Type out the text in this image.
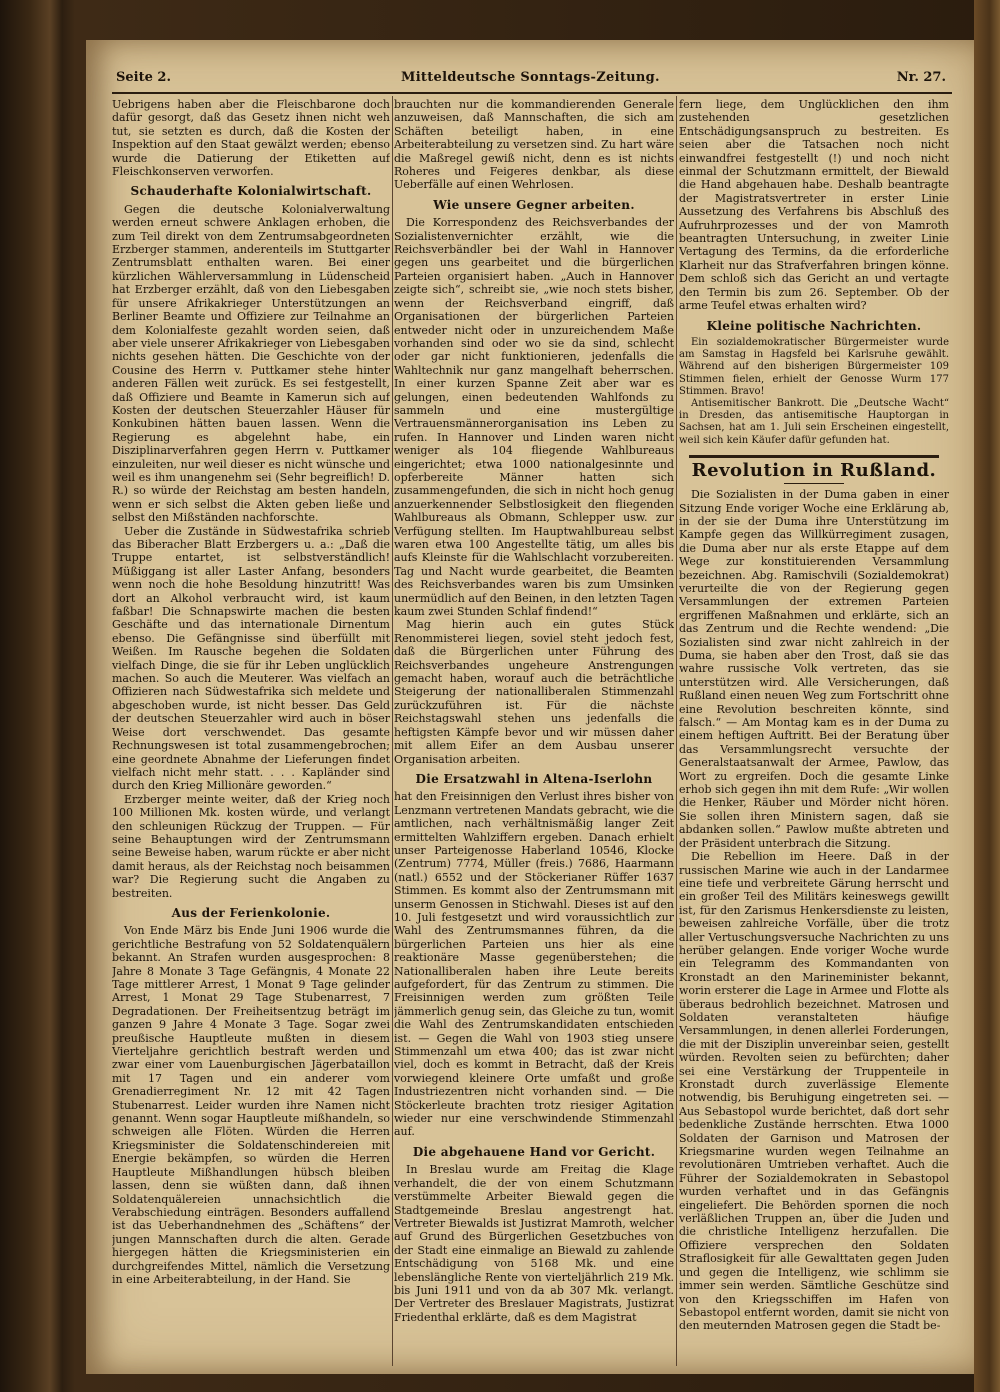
Seite 2.	Mitteldeutsche Sonntags-Zeitung.	Nr. 27.

Uebrigens haben aber die Fleischbarone doch dafür gesorgt, daß das Gesetz ihnen nicht weh tut, sie setzten es durch, daß die Kosten der Inspektion auf den Staat gewälzt werden; ebenso wurde die Datierung der Etiketten auf Fleischkonserven verworfen.

Schauderhafte Kolonialwirtschaft.

Gegen die deutsche Kolonialverwaltung werden erneut schwere Anklagen erhoben, die zum Teil direkt von dem Zentrumsabgeordneten Erzberger stammen, anderenteils im Stuttgarter Zentrumsblatt enthalten waren. Bei einer kürzlichen Wählerversammlung in Lüdenscheid hat Erzberger erzählt, daß von den Liebesgaben für unsere Afrikakrieger Unterstützungen an Berliner Beamte und Offiziere zur Teilnahme an dem Kolonialfeste gezahlt worden seien, daß aber viele unserer Afrikakrieger von Liebesgaben nichts gesehen hätten. Die Geschichte von der Cousine des Herrn v. Puttkamer stehe hinter anderen Fällen weit zurück. Es sei festgestellt, daß Offiziere und Beamte in Kamerun sich auf Kosten der deutschen Steuerzahler Häuser für Konkubinen hätten bauen lassen. Wenn die Regierung es abgelehnt habe, ein Disziplinarverfahren gegen Herrn v. Puttkamer einzuleiten, nur weil dieser es nicht wünsche und weil es ihm unangenehm sei (Sehr begreiflich! D. R.) so würde der Reichstag am besten handeln, wenn er sich selbst die Akten geben ließe und selbst den Mißständen nachforschte.

Ueber die Zustände in Südwestafrika schrieb das Biberacher Blatt Erzbergers u. a.: „Daß die Truppe entartet, ist selbstverständlich! Müßiggang ist aller Laster Anfang, besonders wenn noch die hohe Besoldung hinzutritt! Was dort an Alkohol verbraucht wird, ist kaum faßbar! Die Schnapswirte machen die besten Geschäfte und das internationale Dirnentum ebenso. Die Gefängnisse sind überfüllt mit Weißen. Im Rausche begehen die Soldaten vielfach Dinge, die sie für ihr Leben unglücklich machen. So auch die Meuterer. Was vielfach an Offizieren nach Südwestafrika sich meldete und abgeschoben wurde, ist nicht besser. Das Geld der deutschen Steuerzahler wird auch in böser Weise dort verschwendet. Das gesamte Rechnungswesen ist total zusammengebrochen; eine geordnete Abnahme der Lieferungen findet vielfach nicht mehr statt. . . . Kapländer sind durch den Krieg Millionäre geworden.“

Erzberger meinte weiter, daß der Krieg noch 100 Millionen Mk. kosten würde, und verlangt den schleunigen Rückzug der Truppen. — Für seine Behauptungen wird der Zentrumsmann seine Beweise haben, warum rückte er aber nicht damit heraus, als der Reichstag noch beisammen war? Die Regierung sucht die Angaben zu bestreiten.

Aus der Ferienkolonie.

Von Ende März bis Ende Juni 1906 wurde die gerichtliche Bestrafung von 52 Soldatenquälern bekannt. An Strafen wurden ausgesprochen: 8 Jahre 8 Monate 3 Tage Gefängnis, 4 Monate 22 Tage mittlerer Arrest, 1 Monat 9 Tage gelinder Arrest, 1 Monat 29 Tage Stubenarrest, 7 Degradationen. Der Freiheitsentzug beträgt im ganzen 9 Jahre 4 Monate 3 Tage. Sogar zwei preußische Hauptleute mußten in diesem Vierteljahre gerichtlich bestraft werden und zwar einer vom Lauenburgischen Jägerbataillon mit 17 Tagen und ein anderer vom Grenadierregiment Nr. 12 mit 42 Tagen Stubenarrest. Leider wurden ihre Namen nicht genannt. Wenn sogar Hauptleute mißhandeln, so schweigen alle Flöten. Würden die Herren Kriegsminister die Soldatenschindereien mit Energie bekämpfen, so würden die Herren Hauptleute Mißhandlungen hübsch bleiben lassen, denn sie wüßten dann, daß ihnen Soldatenquälereien unnachsichtlich die Verabschiedung einträgen. Besonders auffallend ist das Ueberhandnehmen des „Schäftens“ der jungen Mannschaften durch die alten. Gerade hiergegen hätten die Kriegsministerien ein durchgreifendes Mittel, nämlich die Versetzung in eine Arbeiterabteilung, in der Hand. Sie

brauchten nur die kommandierenden Generale anzuweisen, daß Mannschaften, die sich am Schäften beteiligt haben, in eine Arbeiterabteilung zu versetzen sind. Zu hart wäre die Maßregel gewiß nicht, denn es ist nichts Roheres und Feigeres denkbar, als diese Ueberfälle auf einen Wehrlosen.

Wie unsere Gegner arbeiten.

Die Korrespondenz des Reichsverbandes der Sozialistenvernichter erzählt, wie die Reichsverbändler bei der Wahl in Hannover gegen uns gearbeitet und die bürgerlichen Parteien organisiert haben. „Auch in Hannover zeigte sich“, schreibt sie, „wie noch stets bisher, wenn der Reichsverband eingriff, daß Organisationen der bürgerlichen Parteien entweder nicht oder in unzureichendem Maße vorhanden sind oder wo sie da sind, schlecht oder gar nicht funktionieren, jedenfalls die Wahltechnik nur ganz mangelhaft beherrschen. In einer kurzen Spanne Zeit aber war es gelungen, einen bedeutenden Wahlfonds zu sammeln und eine mustergültige Vertrauensmännerorganisation ins Leben zu rufen. In Hannover und Linden waren nicht weniger als 104 fliegende Wahlbureaus eingerichtet; etwa 1000 nationalgesinnte und opferbereite Männer hatten sich zusammengefunden, die sich in nicht hoch genug anzuerkennender Selbstlosigkeit den fliegenden Wahlbureaus als Obmann, Schlepper usw. zur Verfügung stellten. Im Hauptwahlbureau selbst waren etwa 100 Angestellte tätig, um alles bis aufs Kleinste für die Wahlschlacht vorzubereiten. Tag und Nacht wurde gearbeitet, die Beamten des Reichsverbandes waren bis zum Umsinken unermüdlich auf den Beinen, in den letzten Tagen kaum zwei Stunden Schlaf findend!“

Mag hierin auch ein gutes Stück Renommisterei liegen, soviel steht jedoch fest, daß die Bürgerlichen unter Führung des Reichsverbandes ungeheure Anstrengungen gemacht haben, worauf auch die beträchtliche Steigerung der nationalliberalen Stimmenzahl zurückzuführen ist. Für die nächste Reichstagswahl stehen uns jedenfalls die heftigsten Kämpfe bevor und wir müssen daher mit allem Eifer an dem Ausbau unserer Organisation arbeiten.

Die Ersatzwahl in Altena-Iserlohn

hat den Freisinnigen den Verlust ihres bisher von Lenzmann vertretenen Mandats gebracht, wie die amtlichen, nach verhältnismäßig langer Zeit ermittelten Wahlziffern ergeben. Danach erhielt unser Parteigenosse Haberland 10546, Klocke (Zentrum) 7774, Müller (freis.) 7686, Haarmann (natl.) 6552 und der Stöckerianer Rüffer 1637 Stimmen. Es kommt also der Zentrumsmann mit unserm Genossen in Stichwahl. Dieses ist auf den 10. Juli festgesetzt und wird voraussichtlich zur Wahl des Zentrumsmannes führen, da die bürgerlichen Parteien uns hier als eine reaktionäre Masse gegenüberstehen; die Nationalliberalen haben ihre Leute bereits aufgefordert, für das Zentrum zu stimmen. Die Freisinnigen werden zum größten Teile jämmerlich genug sein, das Gleiche zu tun, womit die Wahl des Zentrumskandidaten entschieden ist. — Gegen die Wahl von 1903 stieg unsere Stimmenzahl um etwa 400; das ist zwar nicht viel, doch es kommt in Betracht, daß der Kreis vorwiegend kleinere Orte umfaßt und große Industriezentren nicht vorhanden sind. — Die Stöckerleute brachten trotz riesiger Agitation wieder nur eine verschwindende Stimmenzahl auf.

Die abgehauene Hand vor Gericht.

In Breslau wurde am Freitag die Klage verhandelt, die der von einem Schutzmann verstümmelte Arbeiter Biewald gegen die Stadtgemeinde Breslau angestrengt hat. Vertreter Biewalds ist Justizrat Mamroth, welcher auf Grund des Bürgerlichen Gesetzbuches von der Stadt eine einmalige an Biewald zu zahlende Entschädigung von 5168 Mk. und eine lebenslängliche Rente von vierteljährlich 219 Mk. bis Juni 1911 und von da ab 307 Mk. verlangt. Der Vertreter des Breslauer Magistrats, Justizrat Friedenthal erklärte, daß es dem Magistrat

fern liege, dem Unglücklichen den ihm zustehenden gesetzlichen Entschädigungsanspruch zu bestreiten. Es seien aber die Tatsachen noch nicht einwandfrei festgestellt (!) und noch nicht einmal der Schutzmann ermittelt, der Biewald die Hand abgehauen habe. Deshalb beantragte der Magistratsvertreter in erster Linie Aussetzung des Verfahrens bis Abschluß des Aufruhrprozesses und der von Mamroth beantragten Untersuchung, in zweiter Linie Vertagung des Termins, da die erforderliche Klarheit nur das Strafverfahren bringen könne. Dem schloß sich das Gericht an und vertagte den Termin bis zum 26. September. Ob der arme Teufel etwas erhalten wird?

Kleine politische Nachrichten.

Ein sozialdemokratischer Bürgermeister wurde am Samstag in Hagsfeld bei Karlsruhe gewählt. Während auf den bisherigen Bürgermeister 109 Stimmen fielen, erhielt der Genosse Wurm 177 Stimmen. Bravo!

Antisemitischer Bankrott. Die „Deutsche Wacht“ in Dresden, das antisemitische Hauptorgan in Sachsen, hat am 1. Juli sein Erscheinen eingestellt, weil sich kein Käufer dafür gefunden hat.

Revolution in Rußland.

Die Sozialisten in der Duma gaben in einer Sitzung Ende voriger Woche eine Erklärung ab, in der sie der Duma ihre Unterstützung im Kampfe gegen das Willkürregiment zusagen, die Duma aber nur als erste Etappe auf dem Wege zur konstituierenden Versammlung bezeichnen. Abg. Ramischvili (Sozialdemokrat) verurteilte die von der Regierung gegen Versammlungen der extremen Parteien ergriffenen Maßnahmen und erklärte, sich an das Zentrum und die Rechte wendend: „Die Sozialisten sind zwar nicht zahlreich in der Duma, sie haben aber den Trost, daß sie das wahre russische Volk vertreten, das sie unterstützen wird. Alle Versicherungen, daß Rußland einen neuen Weg zum Fortschritt ohne eine Revolution beschreiten könnte, sind falsch.“ — Am Montag kam es in der Duma zu einem heftigen Auftritt. Bei der Beratung über das Versammlungsrecht versuchte der Generalstaatsanwalt der Armee, Pawlow, das Wort zu ergreifen. Doch die gesamte Linke erhob sich gegen ihn mit dem Rufe: „Wir wollen die Henker, Räuber und Mörder nicht hören. Sie sollen ihren Ministern sagen, daß sie abdanken sollen.“ Pawlow mußte abtreten und der Präsident unterbrach die Sitzung.

Die Rebellion im Heere. Daß in der russischen Marine wie auch in der Landarmee eine tiefe und verbreitete Gärung herrscht und ein großer Teil des Militärs keineswegs gewillt ist, für den Zarismus Henkersdienste zu leisten, beweisen zahlreiche Vorfälle, über die trotz aller Vertuschungsversuche Nachrichten zu uns herüber gelangen. Ende voriger Woche wurde ein Telegramm des Kommandanten von Kronstadt an den Marineminister bekannt, worin ersterer die Lage in Armee und Flotte als überaus bedrohlich bezeichnet. Matrosen und Soldaten veranstalteten häufige Versammlungen, in denen allerlei Forderungen, die mit der Disziplin unvereinbar seien, gestellt würden. Revolten seien zu befürchten; daher sei eine Verstärkung der Truppenteile in Kronstadt durch zuverlässige Elemente notwendig, bis Beruhigung eingetreten sei. — Aus Sebastopol wurde berichtet, daß dort sehr bedenkliche Zustände herrschten. Etwa 1000 Soldaten der Garnison und Matrosen der Kriegsmarine wurden wegen Teilnahme an revolutionären Umtrieben verhaftet. Auch die Führer der Sozialdemokraten in Sebastopol wurden verhaftet und in das Gefängnis eingeliefert. Die Behörden spornen die noch verläßlichen Truppen an, über die Juden und die christliche Intelligenz herzufallen. Die Offiziere versprechen den Soldaten Straflosigkeit für alle Gewalttaten gegen Juden und gegen die Intelligenz, wie schlimm sie immer sein werden. Sämtliche Geschütze sind von den Kriegsschiffen im Hafen von Sebastopol entfernt worden, damit sie nicht von den meuternden Matrosen gegen die Stadt be-
